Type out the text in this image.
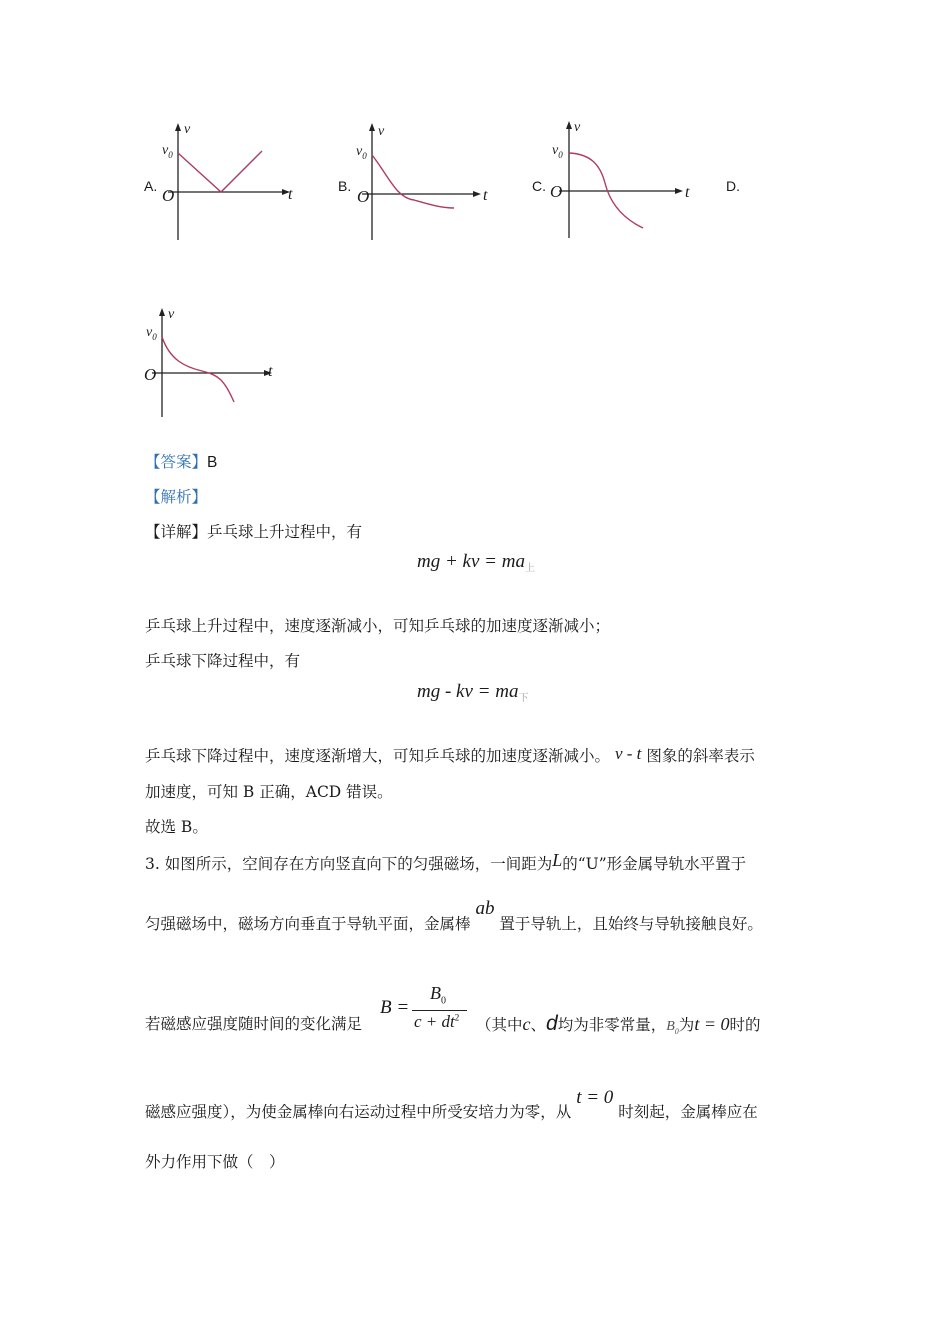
A.
v
$v_0$
O	t	B.
v
$v_0$
O	t
C.
v
$v_0$
O	t	D.
v
$v_0$
O	t
【答案】B
【解析】
【详解】乒乓球上升过程中，有
mg + kv = $ma_上$
乒乓球上升过程中，速度逐渐减小，可知乒乓球的加速度逐渐减小；
乒乓球下降过程中，有
mg - kv = $ma_下$
乒乓球下降过程中，速度逐渐增大，可知乒乓球的加速度逐渐减小。 v - t 图象的斜率表示
加速度，可知 B 正确，ACD 错误。
故选 B。
3. 如图所示，空间存在方向竖直向下的匀强磁场，一间距为L的“U”形金属导轨水平置于
匀强磁场中，磁场方向垂直于导轨平面，金属棒 ab 置于导轨上，且始终与导轨接触良好。
若磁感应强度随时间的变化满足
B =
$B_0$
$c + dt^2$ （其中c、d均为非零常量，$B_0$为t = 0时的
磁感应强度），为使金属棒向右运动过程中所受安培力为零，从 t = 0 时刻起，金属棒应在
外力作用下做（　）
